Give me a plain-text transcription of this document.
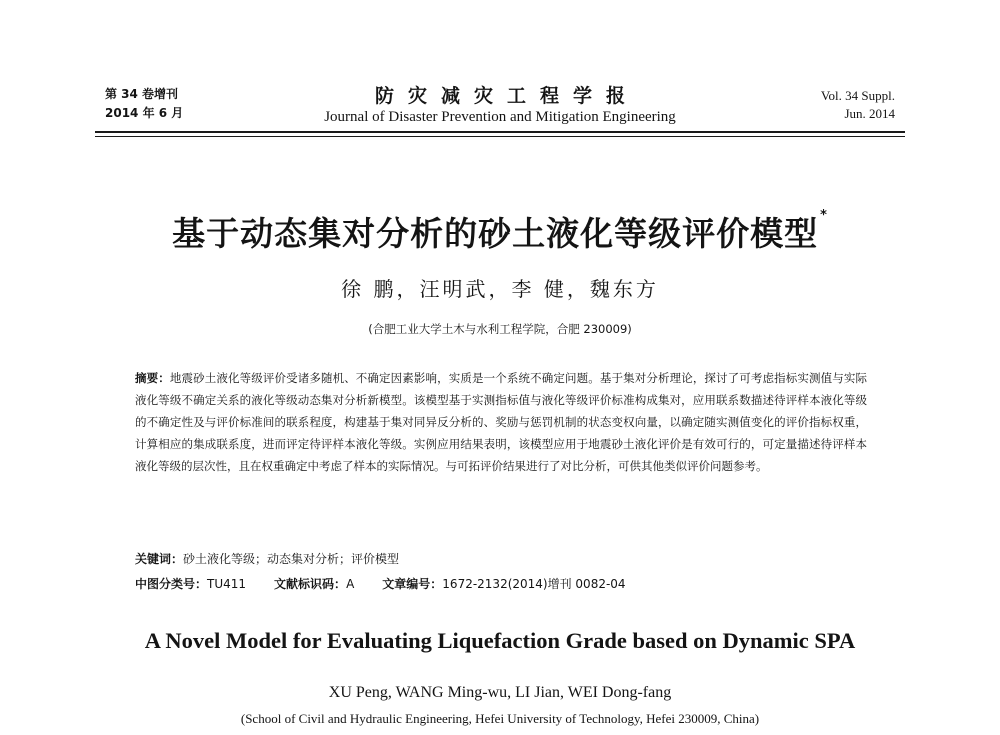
第 34 卷增刊
2014 年 6 月
防灾减灾工程学报
Journal of Disaster Prevention and Mitigation Engineering
Vol. 34 Suppl.
Jun. 2014
基于动态集对分析的砂土液化等级评价模型 *
徐 鹏，汪明武，李 健，魏东方
(合肥工业大学土木与水利工程学院，合肥 230009)
摘要：地震砂土液化等级评价受诸多随机、不确定因素影响，实质是一个系统不确定问题。基于集对分析理论，探讨了可考虑指标实测值与实际液化等级不确定关系的液化等级动态集对分析新模型。该模型基于实测指标值与液化等级评价标准构成集对，应用联系数描述待评样本液化等级的不确定性及与评价标准间的联系程度，构建基于集对同异反分析的、奖励与惩罚机制的状态变权向量，以确定随实测值变化的评价指标权重，计算相应的集成联系度，进而评定待评样本液化等级。实例应用结果表明，该模型应用于地震砂土液化评价是有效可行的，可定量描述待评样本液化等级的层次性，且在权重确定中考虑了样本的实际情况。与可拓评价结果进行了对比分析，可供其他类似评价问题参考。
关键词：砂土液化等级；动态集对分析；评价模型
中图分类号：TU411 文献标识码：A 文章编号：1672-2132(2014)增刊 0082-04
A Novel Model for Evaluating Liquefaction Grade based on Dynamic SPA
XU Peng, WANG Ming-wu, LI Jian, WEI Dong-fang
(School of Civil and Hydraulic Engineering, Hefei University of Technology, Hefei 230009, China)
